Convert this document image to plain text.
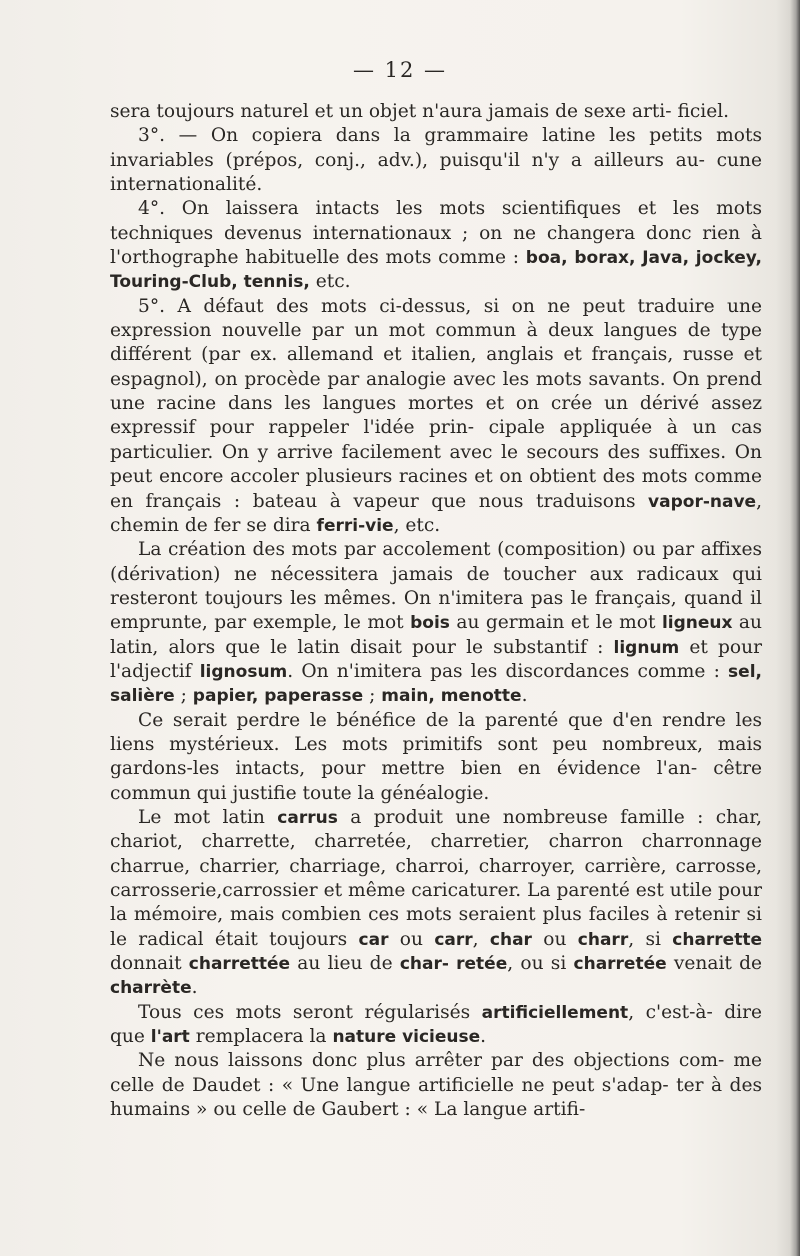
— 12 —

sera toujours naturel et un objet n'aura jamais de sexe arti- ficiel.

3°. — On copiera dans la grammaire latine les petits mots invariables (prépos, conj., adv.), puisqu'il n'y a ailleurs au- cune internationalité.

4°. On laissera intacts les mots scientifiques et les mots techniques devenus internationaux ; on ne changera donc rien à l'orthographe habituelle des mots comme : boa, borax, Java, jockey, Touring-Club, tennis, etc.

5°. A défaut des mots ci-dessus, si on ne peut traduire une expression nouvelle par un mot commun à deux langues de type différent (par ex. allemand et italien, anglais et français, russe et espagnol), on procède par analogie avec les mots savants. On prend une racine dans les langues mortes et on crée un dérivé assez expressif pour rappeler l'idée prin- cipale appliquée à un cas particulier. On y arrive facilement avec le secours des suffixes. On peut encore accoler plusieurs racines et on obtient des mots comme en français : bateau à vapeur que nous traduisons vapor-nave, chemin de fer se dira ferri-vie, etc.

La création des mots par accolement (composition) ou par affixes (dérivation) ne nécessitera jamais de toucher aux radicaux qui resteront toujours les mêmes. On n'imitera pas le français, quand il emprunte, par exemple, le mot bois au germain et le mot ligneux au latin, alors que le latin disait pour le substantif : lignum et pour l'adjectif lignosum. On n'imitera pas les discordances comme : sel, salière ; papier, paperasse ; main, menotte.

Ce serait perdre le bénéfice de la parenté que d'en rendre les liens mystérieux. Les mots primitifs sont peu nombreux, mais gardons-les intacts, pour mettre bien en évidence l'an- cêtre commun qui justifie toute la généalogie.

Le mot latin carrus a produit une nombreuse famille : char, chariot, charrette, charretée, charretier, charron charronnage charrue, charrier, charriage, charroi, charroyer, carrière, carrosse, carrosserie,carrossier et même caricaturer. La parenté est utile pour la mémoire, mais combien ces mots seraient plus faciles à retenir si le radical était toujours car ou carr, char ou charr, si charrette donnait charrettée au lieu de char- retée, ou si charretée venait de charrète.

Tous ces mots seront régularisés artificiellement, c'est-à- dire que l'art remplacera la nature vicieuse.

Ne nous laissons donc plus arrêter par des objections com- me celle de Daudet : « Une langue artificielle ne peut s'adap- ter à des humains » ou celle de Gaubert : « La langue artifi-
